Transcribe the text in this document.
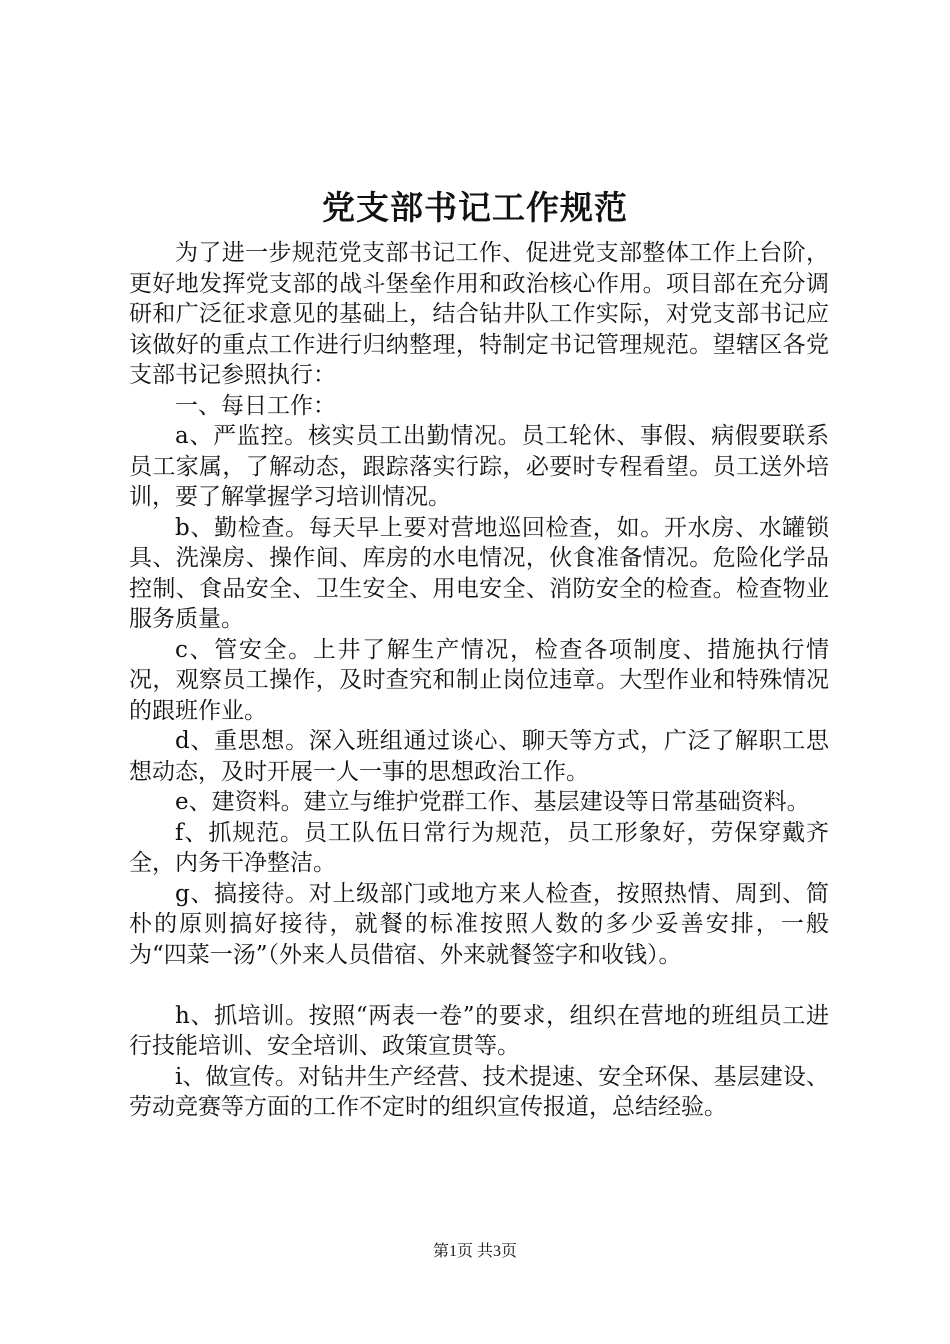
党支部书记工作规范

为了进一步规范党支部书记工作、促进党支部整体工作上台阶，更好地发挥党支部的战斗堡垒作用和政治核心作用。项目部在充分调研和广泛征求意见的基础上，结合钻井队工作实际，对党支部书记应该做好的重点工作进行归纳整理，特制定书记管理规范。望辖区各党支部书记参照执行：

一、每日工作：

a、严监控。核实员工出勤情况。员工轮休、事假、病假要联系员工家属，了解动态，跟踪落实行踪，必要时专程看望。员工送外培训，要了解掌握学习培训情况。

b、勤检查。每天早上要对营地巡回检查，如。开水房、水罐锁具、洗澡房、操作间、库房的水电情况，伙食准备情况。危险化学品控制、食品安全、卫生安全、用电安全、消防安全的检查。检查物业服务质量。

c、管安全。上井了解生产情况，检查各项制度、措施执行情况，观察员工操作，及时查究和制止岗位违章。大型作业和特殊情况的跟班作业。

d、重思想。深入班组通过谈心、聊天等方式，广泛了解职工思想动态，及时开展一人一事的思想政治工作。

e、建资料。建立与维护党群工作、基层建设等日常基础资料。

f、抓规范。员工队伍日常行为规范，员工形象好，劳保穿戴齐全，内务干净整洁。

g、搞接待。对上级部门或地方来人检查，按照热情、周到、简朴的原则搞好接待，就餐的标准按照人数的多少妥善安排，一般为“四菜一汤”（外来人员借宿、外来就餐签字和收钱）。

h、抓培训。按照“两表一卷”的要求，组织在营地的班组员工进行技能培训、安全培训、政策宣贯等。

i、做宣传。对钻井生产经营、技术提速、安全环保、基层建设、劳动竞赛等方面的工作不定时的组织宣传报道，总结经验。

第1页 共3页
